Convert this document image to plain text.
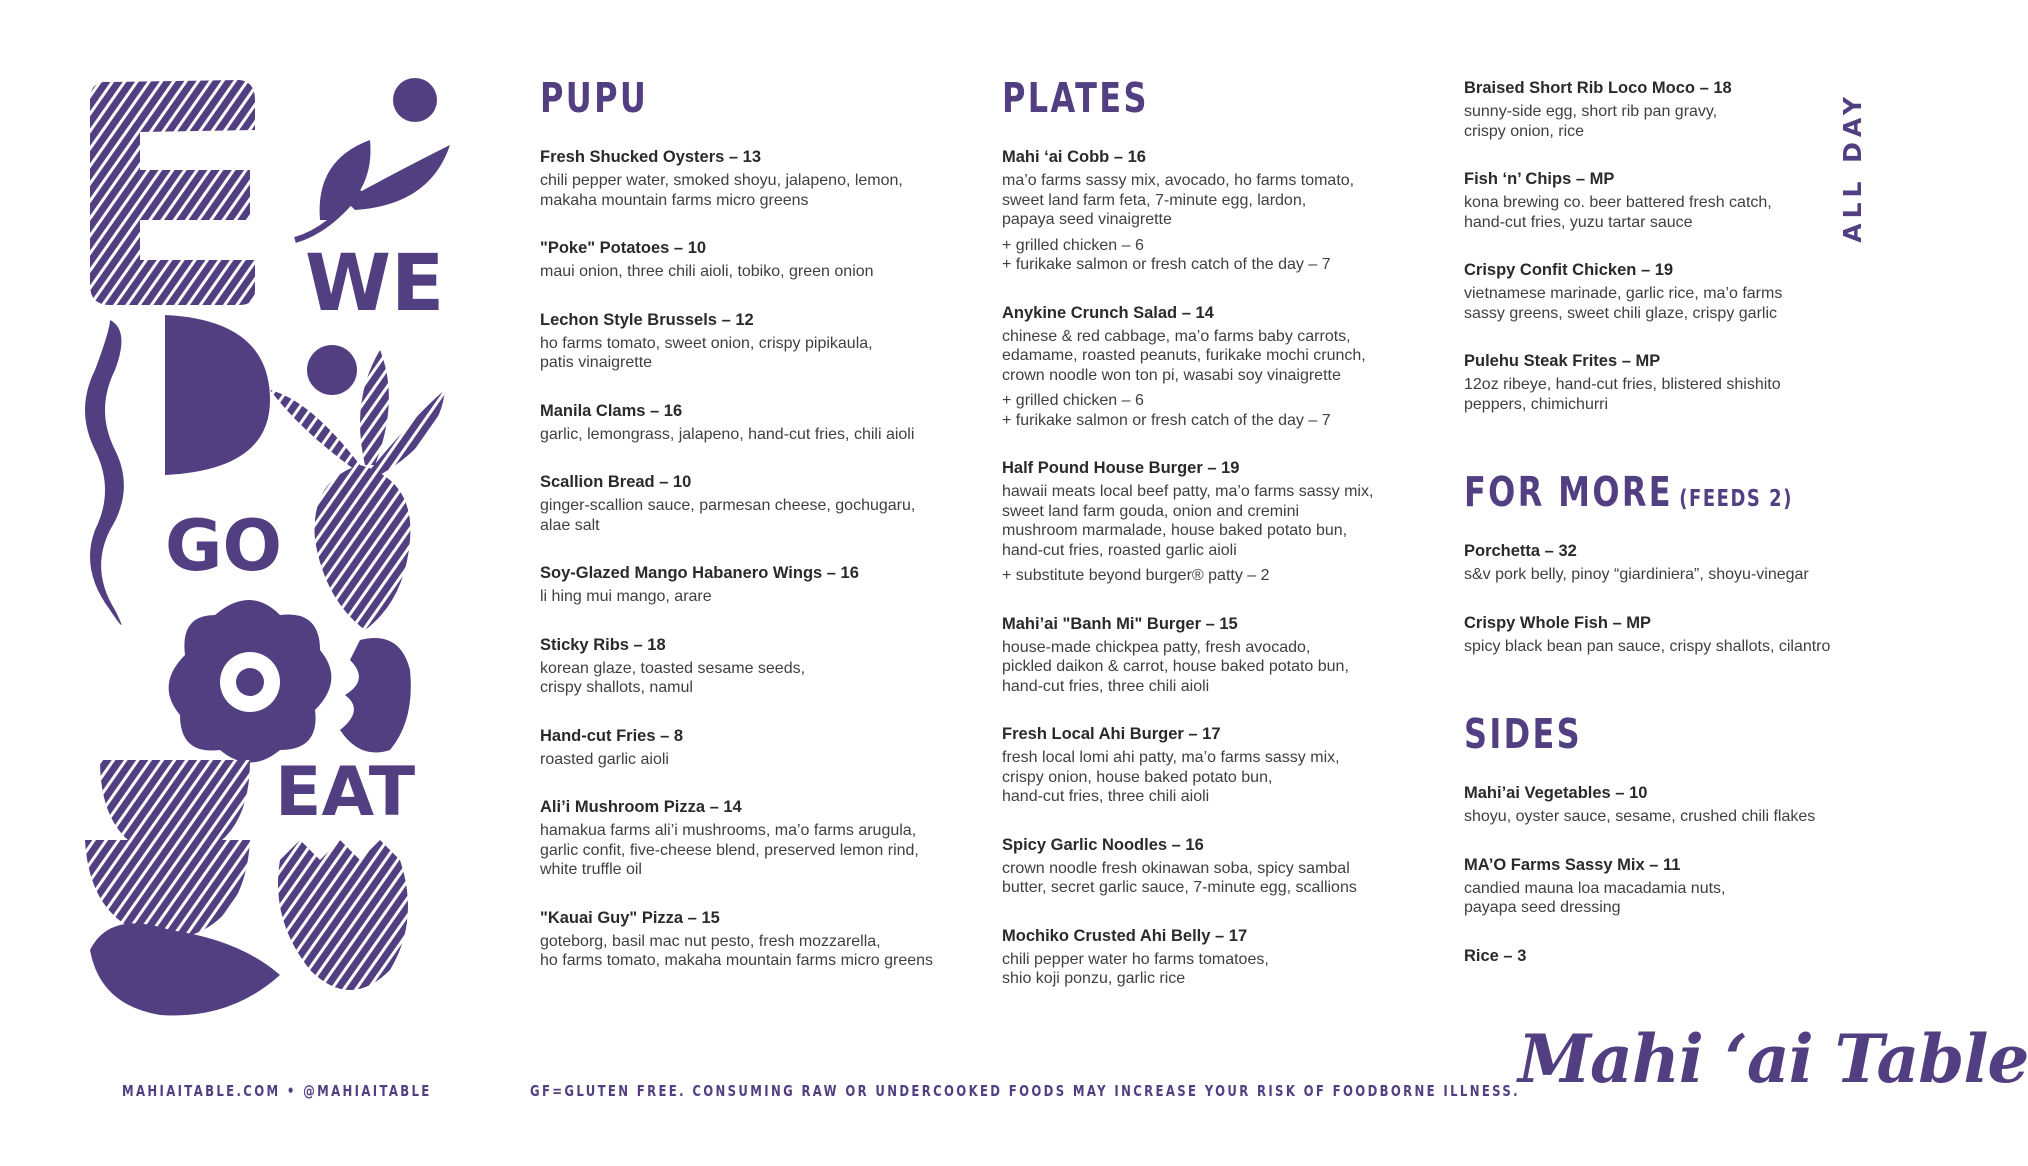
WE
GO
EAT
ALL DAY
PUPU
Fresh Shucked Oysters – 13
chili pepper water, smoked shoyu, jalapeno, lemon,
makaha mountain farms micro greens
"Poke" Potatoes – 10
maui onion, three chili aioli, tobiko, green onion
Lechon Style Brussels – 12
ho farms tomato, sweet onion, crispy pipikaula,
patis vinaigrette
Manila Clams – 16
garlic, lemongrass, jalapeno, hand-cut fries, chili aioli
Scallion Bread – 10
ginger-scallion sauce, parmesan cheese, gochugaru,
alae salt
Soy-Glazed Mango Habanero Wings – 16
li hing mui mango, arare
Sticky Ribs – 18
korean glaze, toasted sesame seeds,
crispy shallots, namul
Hand-cut Fries – 8
roasted garlic aioli
Ali’i Mushroom Pizza – 14
hamakua farms ali’i mushrooms, ma’o farms arugula,
garlic confit, five-cheese blend, preserved lemon rind,
white truffle oil
"Kauai Guy" Pizza – 15
goteborg, basil mac nut pesto, fresh mozzarella,
ho farms tomato, makaha mountain farms micro greens
PLATES
Mahi ‘ai Cobb – 16
ma’o farms sassy mix, avocado, ho farms tomato,
sweet land farm feta, 7-minute egg, lardon,
papaya seed vinaigrette
+ grilled chicken – 6
+ furikake salmon or fresh catch of the day – 7
Anykine Crunch Salad – 14
chinese & red cabbage, ma’o farms baby carrots,
edamame, roasted peanuts, furikake mochi crunch,
crown noodle won ton pi, wasabi soy vinaigrette
+ grilled chicken – 6
+ furikake salmon or fresh catch of the day – 7
Half Pound House Burger – 19
hawaii meats local beef patty, ma’o farms sassy mix,
sweet land farm gouda, onion and cremini
mushroom marmalade, house baked potato bun,
hand-cut fries, roasted garlic aioli
+ substitute beyond burger® patty – 2
Mahi’ai "Banh Mi" Burger – 15
house-made chickpea patty, fresh avocado,
pickled daikon & carrot, house baked potato bun,
hand-cut fries, three chili aioli
Fresh Local Ahi Burger – 17
fresh local lomi ahi patty, ma’o farms sassy mix,
crispy onion, house baked potato bun,
hand-cut fries, three chili aioli
Spicy Garlic Noodles – 16
crown noodle fresh okinawan soba, spicy sambal
butter, secret garlic sauce, 7-minute egg, scallions
Mochiko Crusted Ahi Belly – 17
chili pepper water ho farms tomatoes,
shio koji ponzu, garlic rice
Braised Short Rib Loco Moco – 18
sunny-side egg, short rib pan gravy,
crispy onion, rice
Fish ‘n’ Chips – MP
kona brewing co. beer battered fresh catch,
hand-cut fries, yuzu tartar sauce
Crispy Confit Chicken – 19
vietnamese marinade, garlic rice, ma’o farms
sassy greens, sweet chili glaze, crispy garlic
Pulehu Steak Frites – MP
12oz ribeye, hand-cut fries, blistered shishito
peppers, chimichurri
FOR MORE (FEEDS 2)
Porchetta – 32
s&v pork belly, pinoy “giardiniera”, shoyu-vinegar
Crispy Whole Fish – MP
spicy black bean pan sauce, crispy shallots, cilantro
SIDES
Mahi’ai Vegetables – 10
shoyu, oyster sauce, sesame, crushed chili flakes
MA’O Farms Sassy Mix – 11
candied mauna loa macadamia nuts,
payapa seed dressing
Rice – 3
MAHIAITABLE.COM • @MAHIAITABLE	GF=GLUTEN FREE. CONSUMING RAW OR UNDERCOOKED FOODS MAY INCREASE YOUR RISK OF FOODBORNE ILLNESS.
Mahi ‘ai Table
